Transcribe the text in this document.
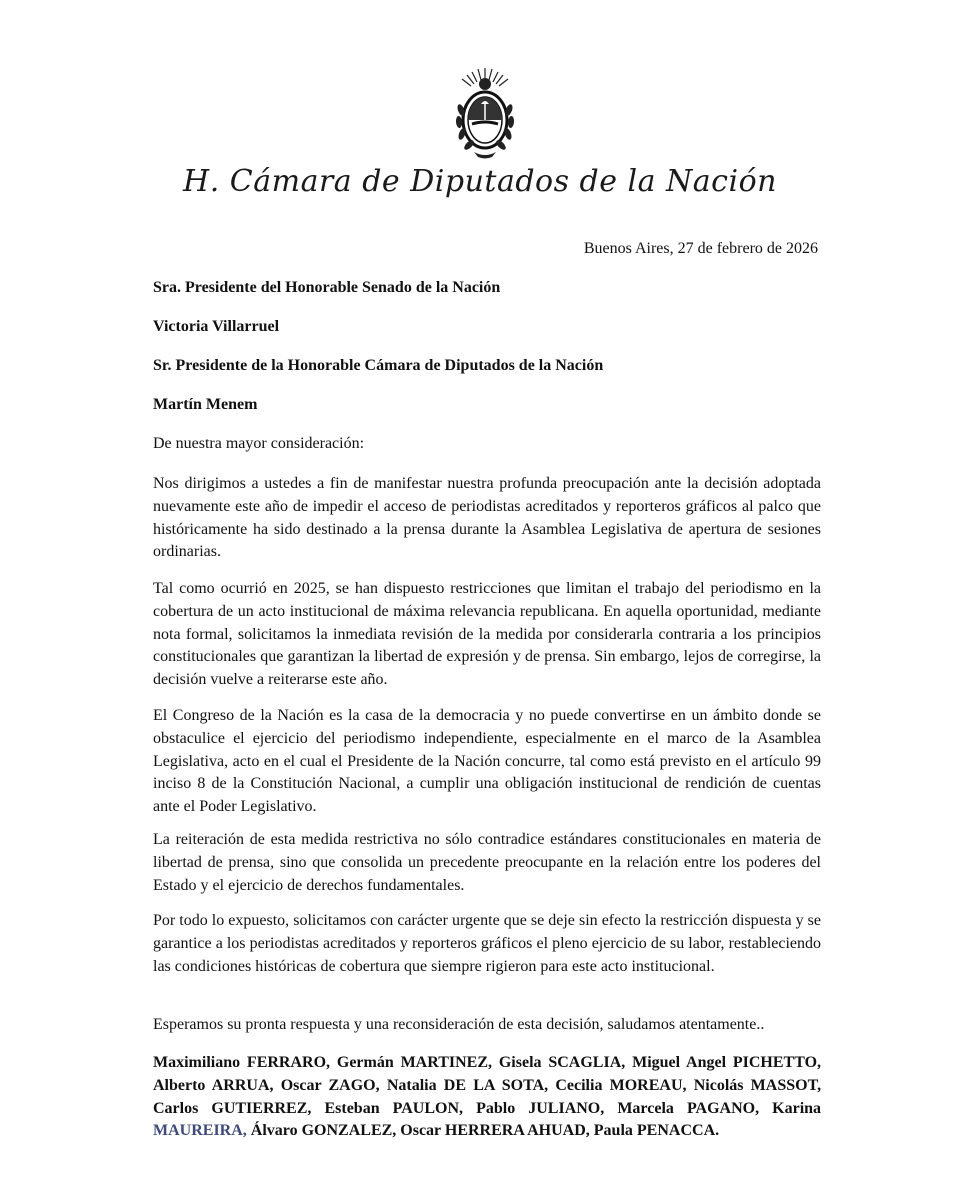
H. Cámara de Diputados de la Nación
Buenos Aires, 27 de febrero de 2026
Sra. Presidente del Honorable Senado de la Nación
Victoria Villarruel
Sr. Presidente de la Honorable Cámara de Diputados de la Nación
Martín Menem
De nuestra mayor consideración:
Nos dirigimos a ustedes a fin de manifestar nuestra profunda preocupación ante la decisión adoptada nuevamente este año de impedir el acceso de periodistas acreditados y reporteros gráficos al palco que históricamente ha sido destinado a la prensa durante la Asamblea Legislativa de apertura de sesiones ordinarias.
Tal como ocurrió en 2025, se han dispuesto restricciones que limitan el trabajo del periodismo en la cobertura de un acto institucional de máxima relevancia republicana. En aquella oportunidad, mediante nota formal, solicitamos la inmediata revisión de la medida por considerarla contraria a los principios constitucionales que garantizan la libertad de expresión y de prensa. Sin embargo, lejos de corregirse, la decisión vuelve a reiterarse este año.
El Congreso de la Nación es la casa de la democracia y no puede convertirse en un ámbito donde se obstaculice el ejercicio del periodismo independiente, especialmente en el marco de la Asamblea Legislativa, acto en el cual el Presidente de la Nación concurre, tal como está previsto en el artículo 99 inciso 8 de la Constitución Nacional, a cumplir una obligación institucional de rendición de cuentas ante el Poder Legislativo.
La reiteración de esta medida restrictiva no sólo contradice estándares constitucionales en materia de libertad de prensa, sino que consolida un precedente preocupante en la relación entre los poderes del Estado y el ejercicio de derechos fundamentales.
Por todo lo expuesto, solicitamos con carácter urgente que se deje sin efecto la restricción dispuesta y se garantice a los periodistas acreditados y reporteros gráficos el pleno ejercicio de su labor, restableciendo las condiciones históricas de cobertura que siempre rigieron para este acto institucional.
Esperamos su pronta respuesta y una reconsideración de esta decisión, saludamos atentamente..
Maximiliano FERRARO, Germán MARTINEZ, Gisela SCAGLIA, Miguel Angel PICHETTO, Alberto ARRUA, Oscar ZAGO, Natalia DE LA SOTA, Cecilia MOREAU, Nicolás MASSOT, Carlos GUTIERREZ, Esteban PAULON, Pablo JULIANO, Marcela PAGANO, Karina MAUREIRA, Álvaro GONZALEZ, Oscar HERRERA AHUAD, Paula PENACCA.
